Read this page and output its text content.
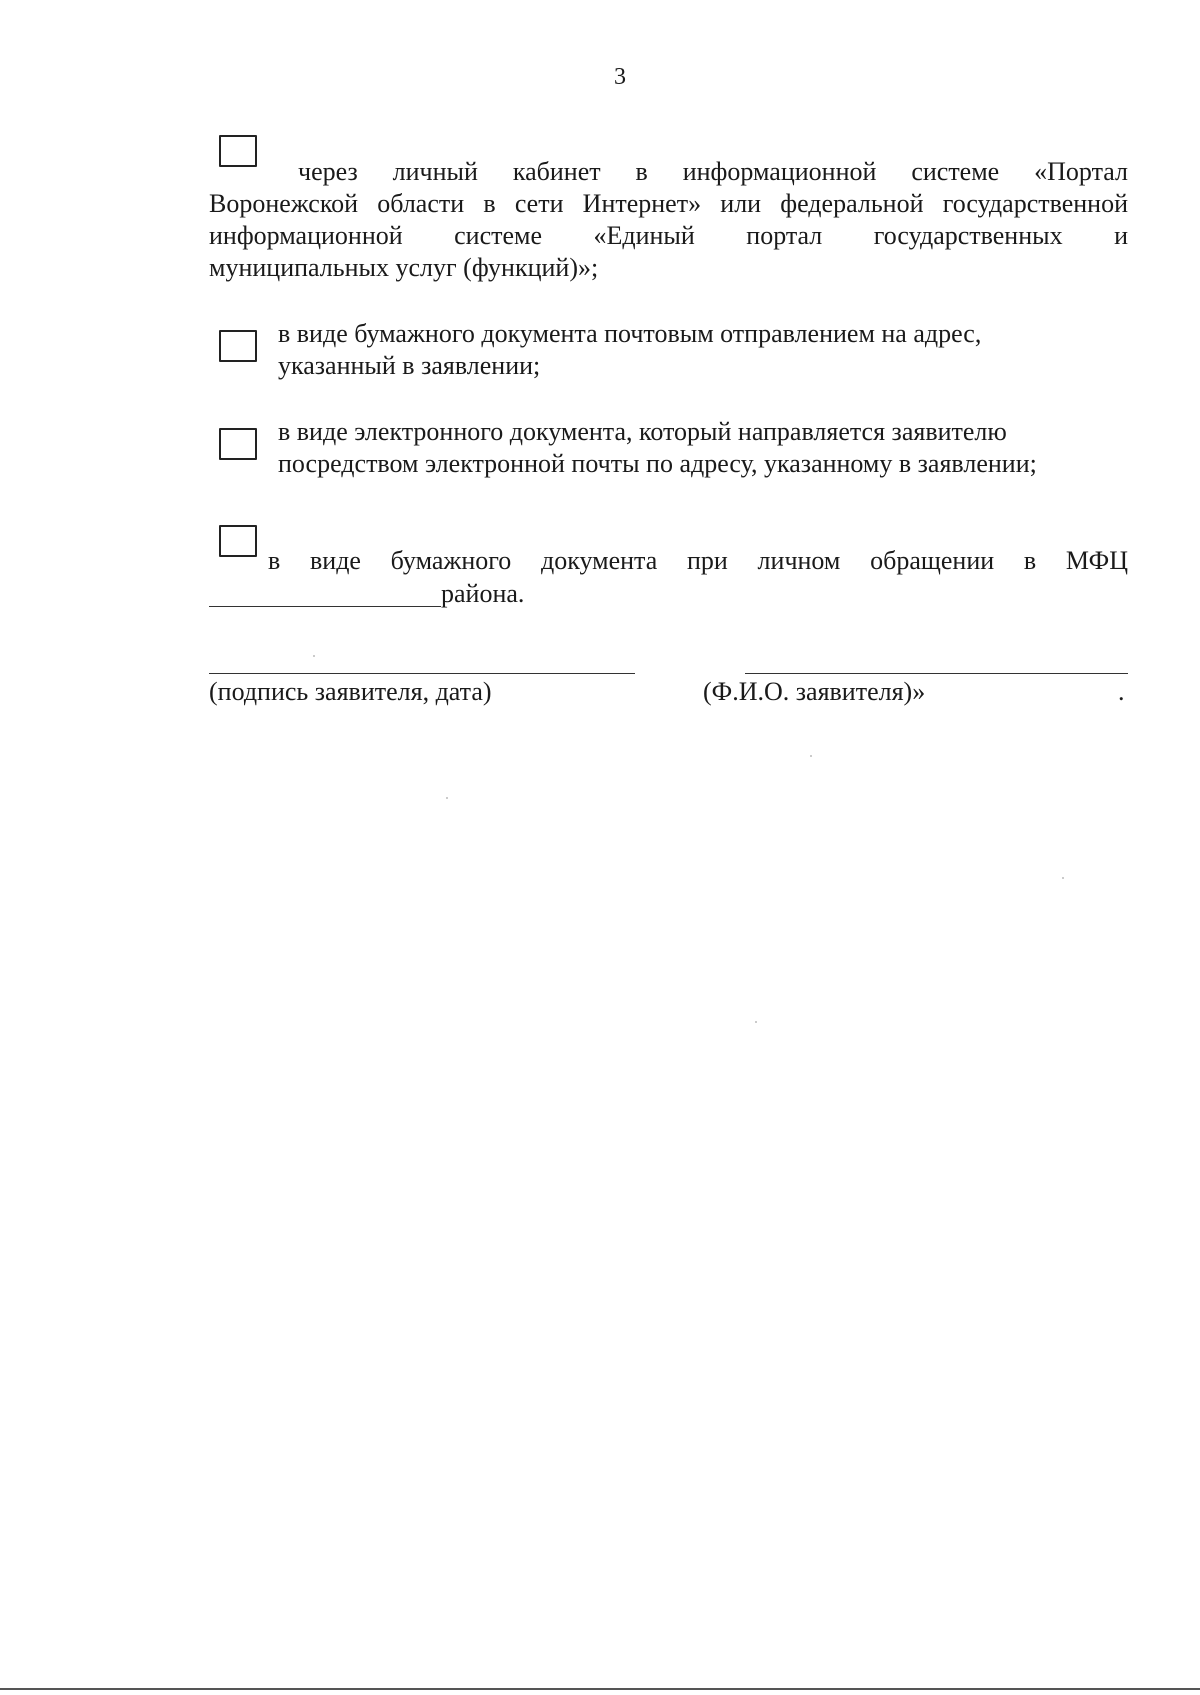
3
через личный кабинет в информационной системе «Портал
Воронежской области в сети Интернет» или федеральной государственной
информационной системе «Единый портал государственных и
муниципальных услуг (функций)»;
в виде бумажного документа почтовым отправлением на адрес,
указанный в заявлении;
в виде электронного документа, который направляется заявителю
посредством электронной почты по адресу, указанному в заявлении;
в виде бумажного документа при личном обращении в МФЦ
района.
(подпись заявителя, дата)	(Ф.И.О. заявителя)»	.
